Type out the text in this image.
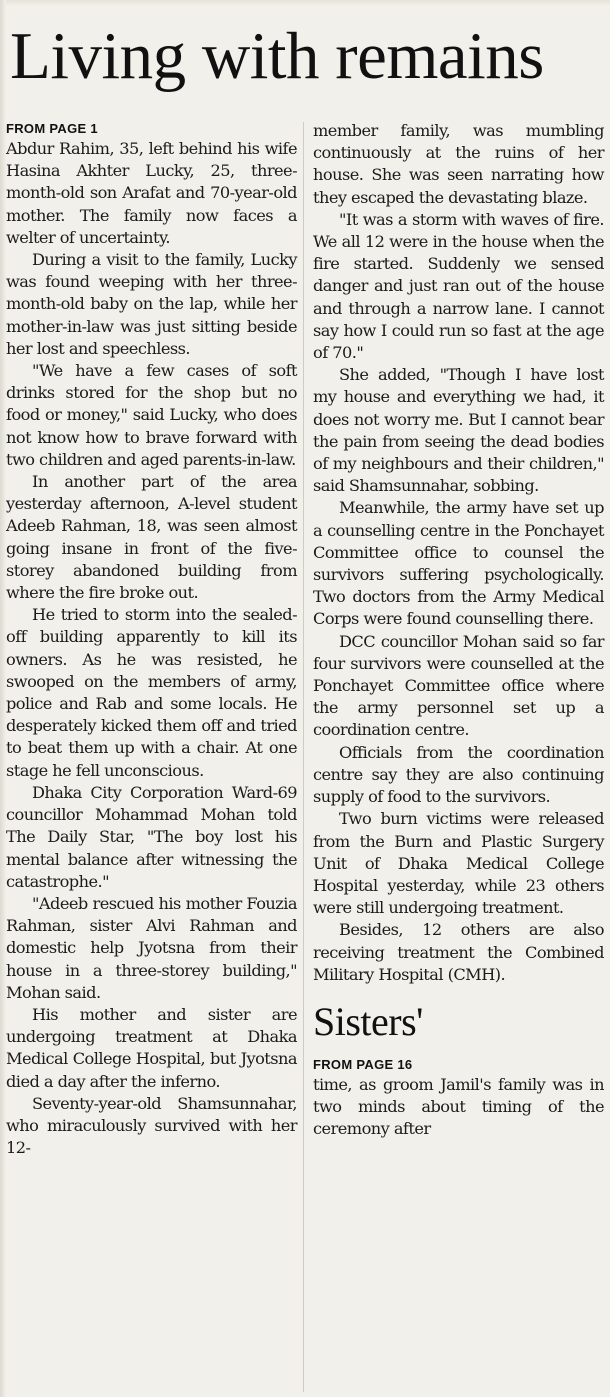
Living with remains
FROM PAGE 1

Abdur Rahim, 35, left behind his wife Hasina Akhter Lucky, 25, three-month-old son Arafat and 70-year-old mother. The family now faces a welter of uncertainty.

During a visit to the family, Lucky was found weeping with her three-month-old baby on the lap, while her mother-in-law was just sitting beside her lost and speechless.

"We have a few cases of soft drinks stored for the shop but no food or money," said Lucky, who does not know how to brave forward with two children and aged parents-in-law.

In another part of the area yesterday afternoon, A-level student Adeeb Rahman, 18, was seen almost going insane in front of the five-storey abandoned building from where the fire broke out.

He tried to storm into the sealed-off building apparently to kill its owners. As he was resisted, he swooped on the members of army, police and Rab and some locals. He desperately kicked them off and tried to beat them up with a chair. At one stage he fell unconscious.

Dhaka City Corporation Ward-69 councillor Mohammad Mohan told The Daily Star, "The boy lost his mental balance after witnessing the catastrophe."

"Adeeb rescued his mother Fouzia Rahman, sister Alvi Rahman and domestic help Jyotsna from their house in a three-storey building," Mohan said.

His mother and sister are undergoing treatment at Dhaka Medical College Hospital, but Jyotsna died a day after the inferno.

Seventy-year-old Shamsunnahar, who miraculously survived with her 12-

member family, was mumbling continuously at the ruins of her house. She was seen narrating how they escaped the devastating blaze.

"It was a storm with waves of fire. We all 12 were in the house when the fire started. Suddenly we sensed danger and just ran out of the house and through a narrow lane. I cannot say how I could run so fast at the age of 70."

She added, "Though I have lost my house and everything we had, it does not worry me. But I cannot bear the pain from seeing the dead bodies of my neighbours and their children," said Shamsunnahar, sobbing.

Meanwhile, the army have set up a counselling centre in the Ponchayet Committee office to counsel the survivors suffering psychologically. Two doctors from the Army Medical Corps were found counselling there.

DCC councillor Mohan said so far four survivors were counselled at the Ponchayet Committee office where the army personnel set up a coordination centre.

Officials from the coordination centre say they are also continuing supply of food to the survivors.

Two burn victims were released from the Burn and Plastic Surgery Unit of Dhaka Medical College Hospital yesterday, while 23 others were still undergoing treatment.

Besides, 12 others are also receiving treatment the Combined Military Hospital (CMH).

Sisters'
FROM PAGE 16

time, as groom Jamil's family was in two minds about timing of the ceremony after
